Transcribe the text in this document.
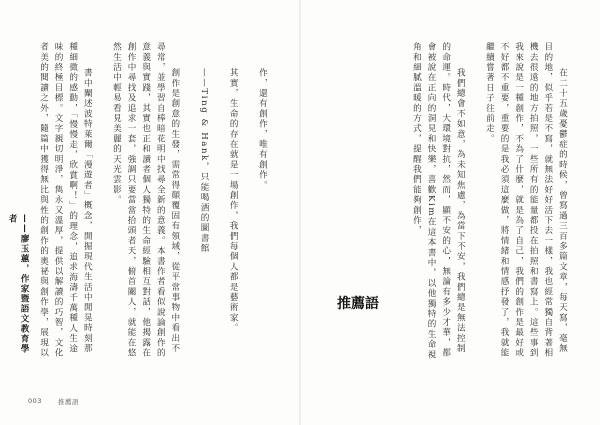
作，還有創作，唯有創作。

其實，生命的存在就是一場創作，我們每個人都是藝術家。

——Ting & Hank，只能喝酒的圖書館

創作是創意的生發，需常得顛覆固有領域，從平常事物中看出不尋常，並學習自棒暗花明中找尋全新的意義。本書作者看似說論創作的意義與實踐，其實也正和讀者個人獨特的生命經驗相互對話，他揭露在創作中尋找及追求一套，強調只要當當拾頭者天，俯首關人，就能在悠然生活中輕易看見美麗的天光雲影。

書中闡述波特萊爾「漫遊者」概念，開掘現代生活中閒晃時刻那種細微的感動，「慢慢走，欣賞啊！」的理念，追求海濤千萬種人生途味的終極目標。文字親切明淨，雋永又溫厚，提供以解讀的巧智，文化者美的閱讀之外，隨篇中獲得無比與性的創作的奧祕與創作學，展現以

——廖玉蕙，作家暨語文教育學者
003 推薦語

在二十五歲憂鬱症的時候，曾寫過三百多篇文章，每天寫，毫無目的地，似乎若是不寫，就無法好好活下去一樣，我也經常獨自背著相機去很遠的地方拍照，一些所有的能量都投在拍照和書寫上。這些事到我來說是一種創作，不為了什麼，就是為了自己，我們的創作是最好或不好都不重要，重要的是我必須這麼做，將情緒和情感抒發了，我就能繼續嘗著日子往前走。

我們總會不如意，為未知焦慮，為當下不安，我們總是無法控制的命運。時代，大環境對抗，然而，顯不安的心，無論有多少才華，都會被說在正向的洞見和快樂，喜歡Kim在這本書中，以他獨特的生命視角和細膩溫暖的方式，提醒我們能夠創作，

推薦語
